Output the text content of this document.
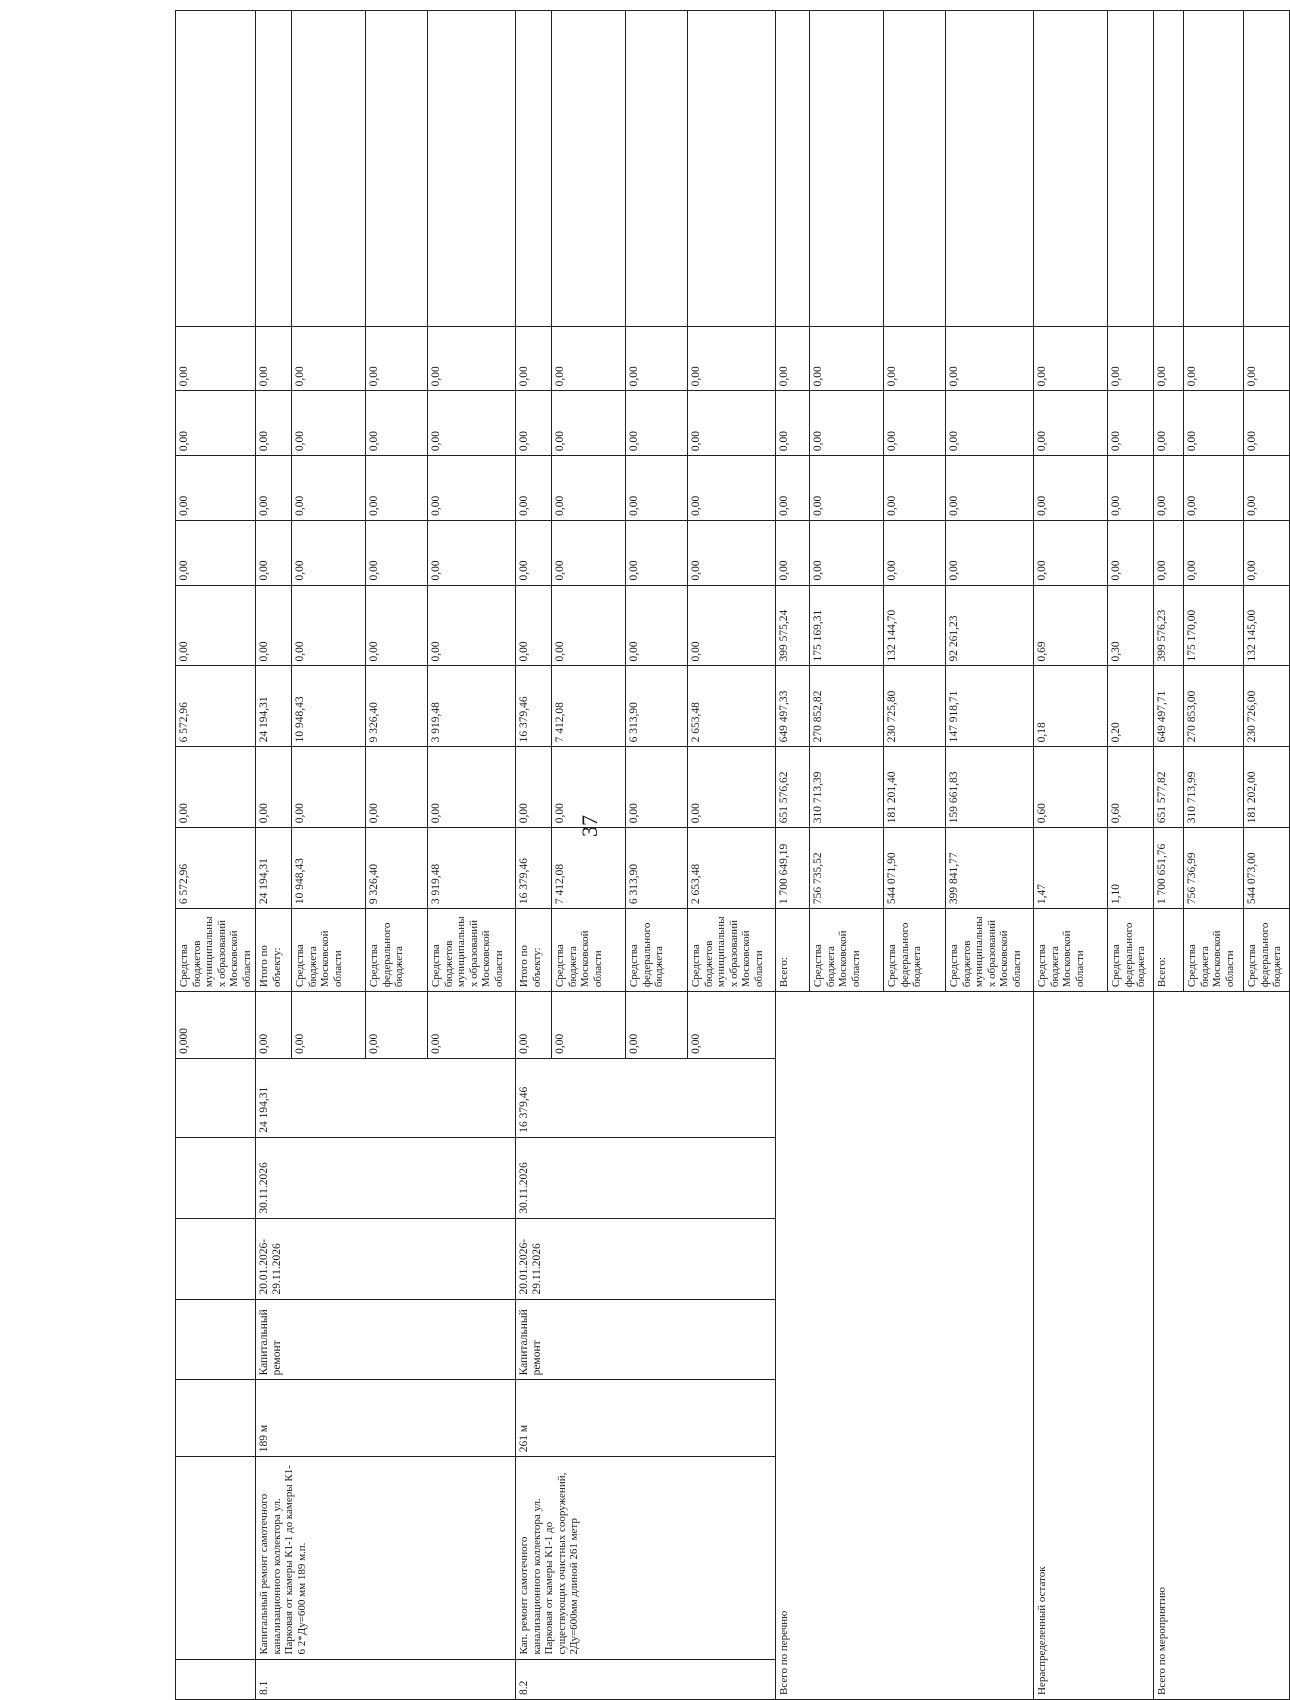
37
							0,000	Средства бюджетов муниципальных образований Московской области	6 572,96	0,00	6 572,96	0,00	0,00	0,00	0,00	0,00	
8.1	Капитальный ремонт самотечного канализационного коллектора ул. Парковая от камеры К1-1 до камеры К1-6 2*Ду=600 мм 189 м.п.	189 м	Капитальный ремонт	20.01.2026-29.11.2026	30.11.2026	24 194,31	0,00	Итого по объекту:	24 194,31	0,00	24 194,31	0,00	0,00	0,00	0,00	0,00	
							0,00	Средства бюджета Московской области	10 948,43	0,00	10 948,43	0,00	0,00	0,00	0,00	0,00	
							0,00	Средства федерального бюджета	9 326,40	0,00	9 326,40	0,00	0,00	0,00	0,00	0,00	
							0,00	Средства бюджетов муниципальных образований Московской области	3 919,48	0,00	3 919,48	0,00	0,00	0,00	0,00	0,00	
8.2	Кап. ремонт самотечного канализационного коллектора ул. Парковая от камеры К1-1 до существующих очистных сооружений, 2Ду=600мм длиной 261 метр	261 м	Капитальный ремонт	20.01.2026-29.11.2026	30.11.2026	16 379,46	0,00	Итого по объекту:	16 379,46	0,00	16 379,46	0,00	0,00	0,00	0,00	0,00	
							0,00	Средства бюджета Московской области	7 412,08	0,00	7 412,08	0,00	0,00	0,00	0,00	0,00	
							0,00	Средства федерального бюджета	6 313,90	0,00	6 313,90	0,00	0,00	0,00	0,00	0,00	
							0,00	Средства бюджетов муниципальных образований Московской области	2 653,48	0,00	2 653,48	0,00	0,00	0,00	0,00	0,00	
Всего по перечню								Всего:	1 700 649,19	651 576,62	649 497,33	399 575,24	0,00	0,00	0,00	0,00	
								Средства бюджета Московской области	756 735,52	310 713,39	270 852,82	175 169,31	0,00	0,00	0,00	0,00	
								Средства федерального бюджета	544 071,90	181 201,40	230 725,80	132 144,70	0,00	0,00	0,00	0,00	
								Средства бюджетов муниципальных образований Московской области	399 841,77	159 661,83	147 918,71	92 261,23	0,00	0,00	0,00	0,00	
Нераспределенный остаток								Средства бюджета Московской области	1,47	0,60	0,18	0,69	0,00	0,00	0,00	0,00	
								Средства федерального бюджета	1,10	0,60	0,20	0,30	0,00	0,00	0,00	0,00	
Всего по мероприятию								Всего:	1 700 651,76	651 577,82	649 497,71	399 576,23	0,00	0,00	0,00	0,00	
								Средства бюджета Московской области	756 736,99	310 713,99	270 853,00	175 170,00	0,00	0,00	0,00	0,00	
								Средства федерального бюджета	544 073,00	181 202,00	230 726,00	132 145,00	0,00	0,00	0,00	0,00	
